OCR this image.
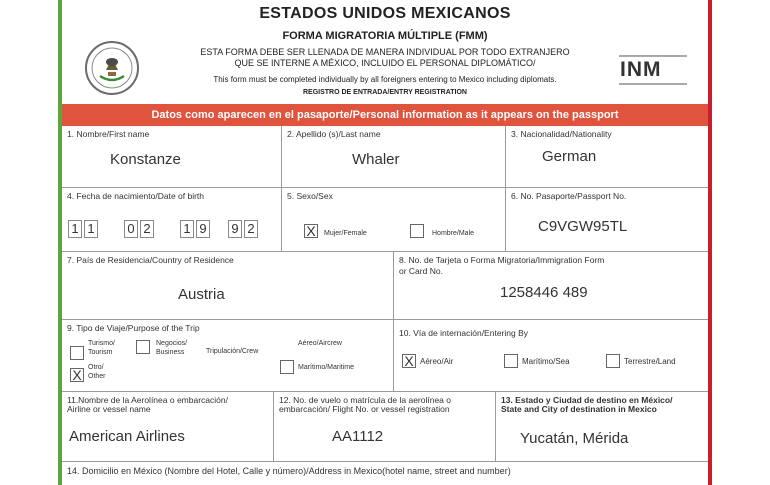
ESTADOS UNIDOS MEXICANOS
FORMA MIGRATORIA MÚLTIPLE (FMM)
ESTA FORMA DEBE SER LLENADA DE MANERA INDIVIDUAL POR TODO EXTRANJERO
QUE SE INTERNE A MÉXICO, INCLUIDO EL PERSONAL DIPLOMÁTICO/
This form must be completed individually by all foreigners entering to Mexico including diplomats.
REGISTRO DE ENTRADA/ENTRY REGISTRATION
INM
Datos como aparecen en el pasaporte/Personal information as it appears on the passport
1. Nombre/First name
Konstanze
2. Apellido (s)/Last name
Whaler
3. Nacionalidad/Nationality
German
4. Fecha de nacimiento/Date of birth
1 1	0 2	1 9 9 2
5. Sexo/Sex
X	Mujer/Female	Hombre/Male
6. No. Pasaporte/Passport No.
C9VGW95TL
7. País de Residencia/Country of Residence
Austria
8. No. de Tarjeta o Forma Migratoria/Immigration Form
or Card No.
1258446 489
9. Tipo de Viaje/Purpose of the Trip
Turismo/
Tourism
Negocios/
Business	Tripulación/Crew
Aéreo/Aircrew
Marítimo/Maritime
X Otro/
Other
10. Vía de internación/Entering By
X Aéreo/Air	Marítimo/Sea	Terrestre/Land
11.Nombre de la Aerolínea o embarcación/
Airline or vessel name
American Airlines
12. No. de vuelo o matrícula de la aerolínea o
embarcación/ Flight No. or vessel registration
AA1112
13. Estado y Ciudad de destino en México/
State and City of destination in Mexico
Yucatán, Mérida
14. Domicilio en México (Nombre del Hotel, Calle y número)/Address in Mexico(hotel name, street and number)
